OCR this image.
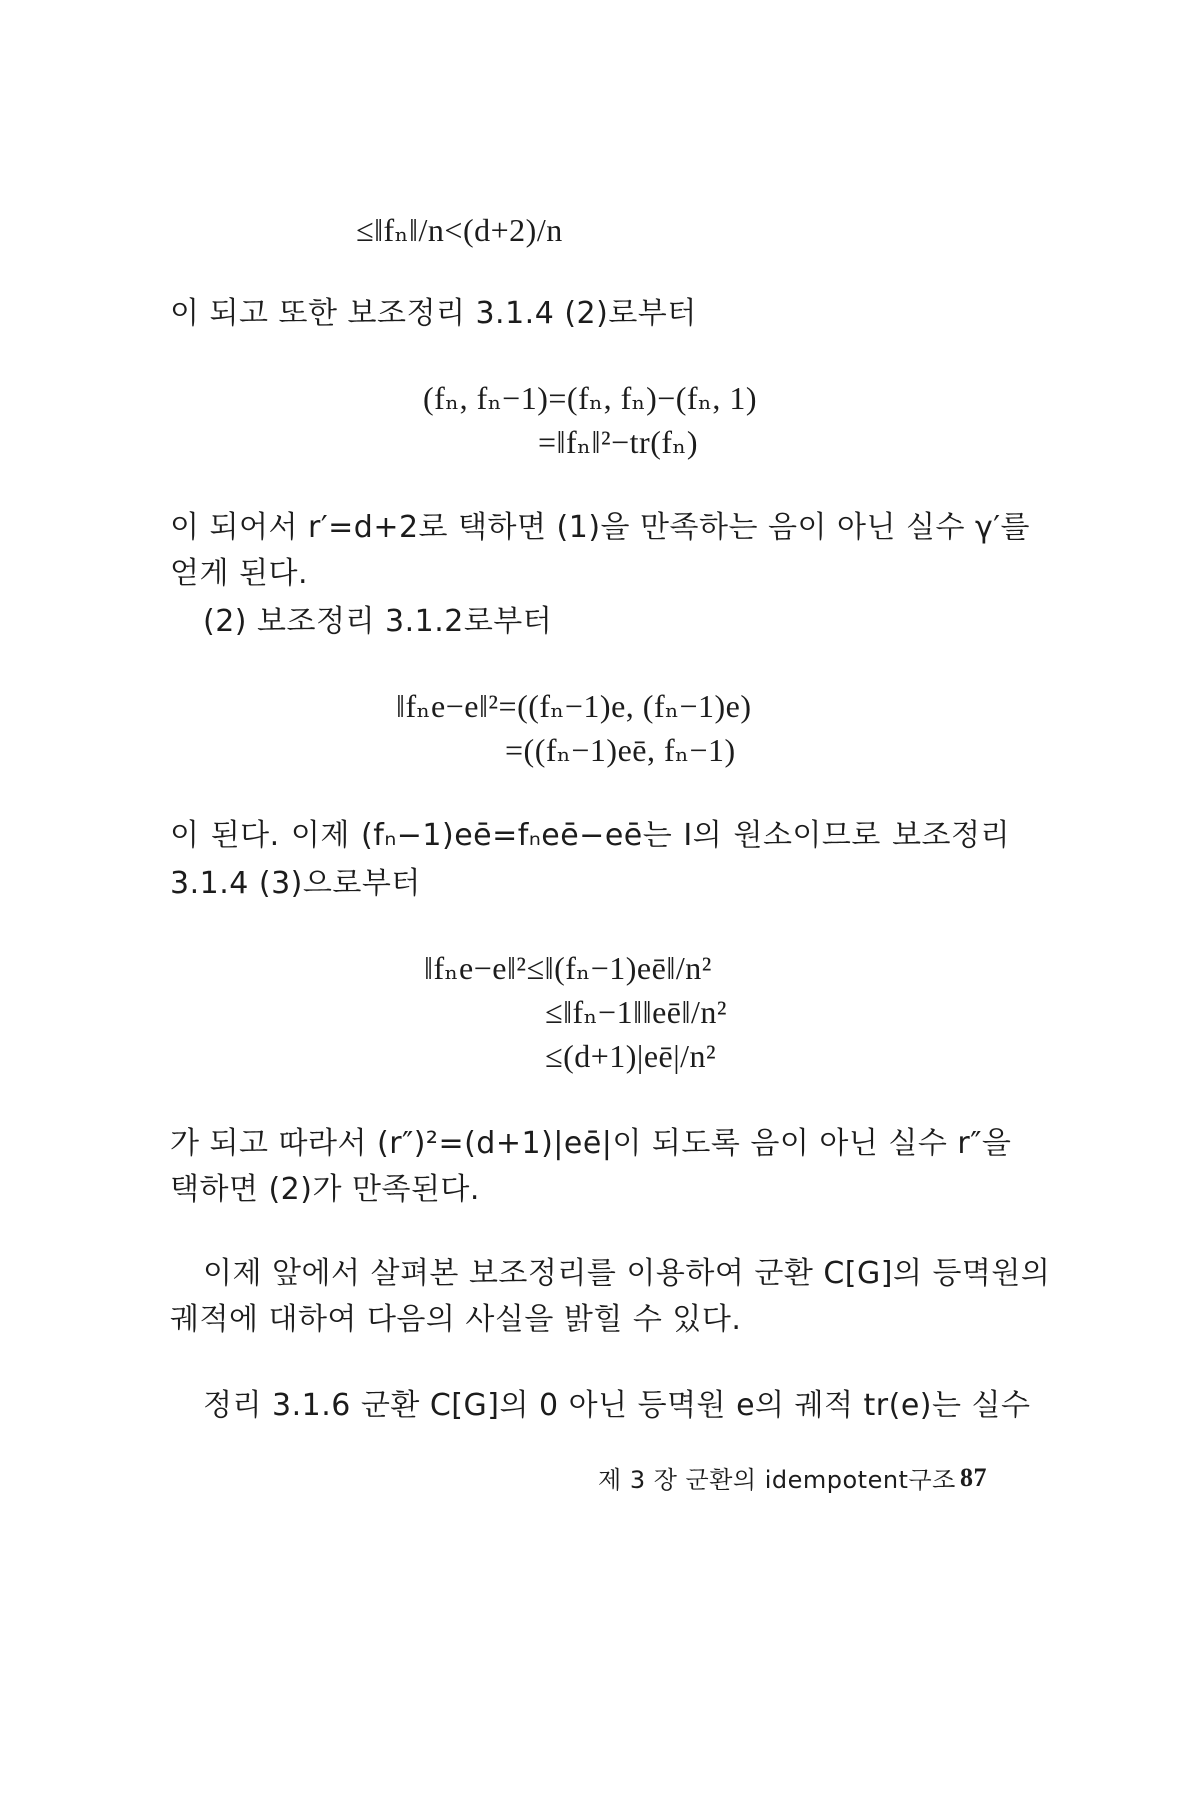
≤‖fₙ‖/n<(d+2)/n
이 되고 또한 보조정리 3.1.4 (2)로부터
(fₙ, fₙ−1)=(fₙ, fₙ)−(fₙ, 1)
=‖fₙ‖²−tr(fₙ)
이 되어서 r′=d+2로 택하면 (1)을 만족하는 음이 아닌 실수 γ′를
얻게 된다.
(2) 보조정리 3.1.2로부터
‖fₙe−e‖²=((fₙ−1)e, (fₙ−1)e)
=((fₙ−1)eē, fₙ−1)
이 된다. 이제 (fₙ−1)eē=fₙeē−eē는 I의 원소이므로 보조정리
3.1.4 (3)으로부터
‖fₙe−e‖²≤‖(fₙ−1)eē‖/n²
≤‖fₙ−1‖‖eē‖/n²
≤(d+1)|eē|/n²
가 되고 따라서 (r″)²=(d+1)|eē|이 되도록 음이 아닌 실수 r″을
택하면 (2)가 만족된다.
이제 앞에서 살펴본 보조정리를 이용하여 군환 C[G]의 등멱원의
궤적에 대하여 다음의 사실을 밝힐 수 있다.
정리 3.1.6 군환 C[G]의 0 아닌 등멱원 e의 궤적 tr(e)는 실수
제 3 장 군환의 idempotent구조 87
